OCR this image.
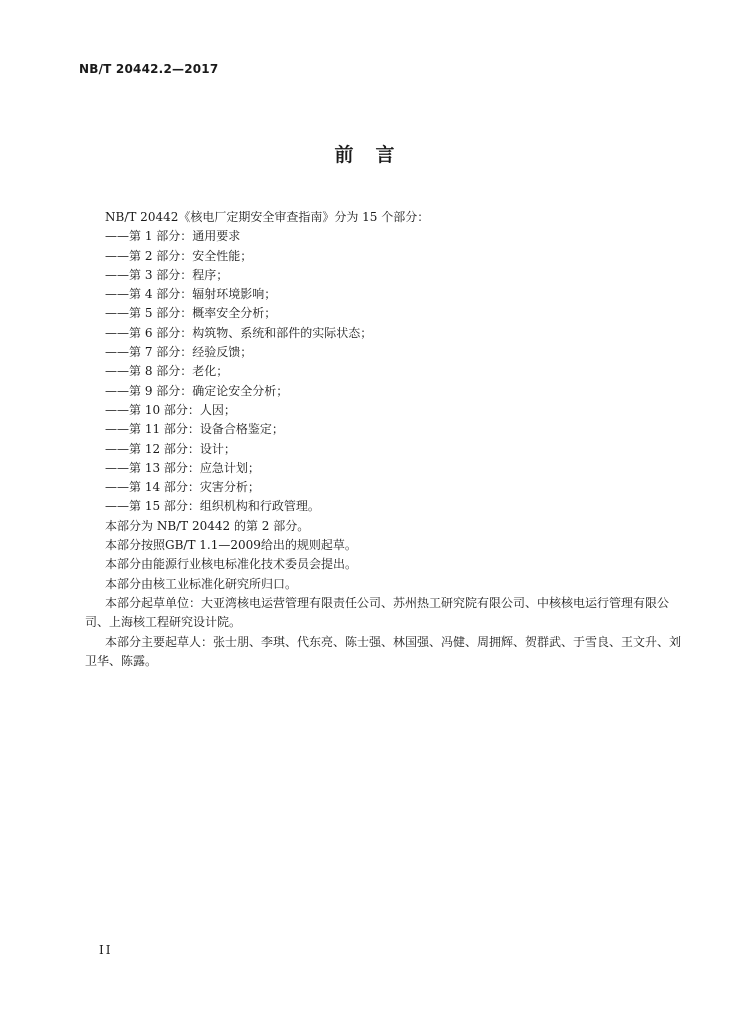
NB/T 20442.2—2017
前言
NB/T 20442《核电厂定期安全审查指南》分为 15 个部分：
——第 1 部分：通用要求
——第 2 部分：安全性能；
——第 3 部分：程序；
——第 4 部分：辐射环境影响；
——第 5 部分：概率安全分析；
——第 6 部分：构筑物、系统和部件的实际状态；
——第 7 部分：经验反馈；
——第 8 部分：老化；
——第 9 部分：确定论安全分析；
——第 10 部分：人因；
——第 11 部分：设备合格鉴定；
——第 12 部分：设计；
——第 13 部分：应急计划；
——第 14 部分：灾害分析；
——第 15 部分：组织机构和行政管理。
本部分为 NB/T 20442 的第 2 部分。
本部分按照GB/T 1.1—2009给出的规则起草。
本部分由能源行业核电标准化技术委员会提出。
本部分由核工业标准化研究所归口。
本部分起草单位：大亚湾核电运营管理有限责任公司、苏州热工研究院有限公司、中核核电运行管理有限公司、上海核工程研究设计院。
本部分主要起草人：张士朋、李琪、代东亮、陈士强、林国强、冯健、周拥辉、贺群武、于雪良、王文升、刘卫华、陈露。
II
